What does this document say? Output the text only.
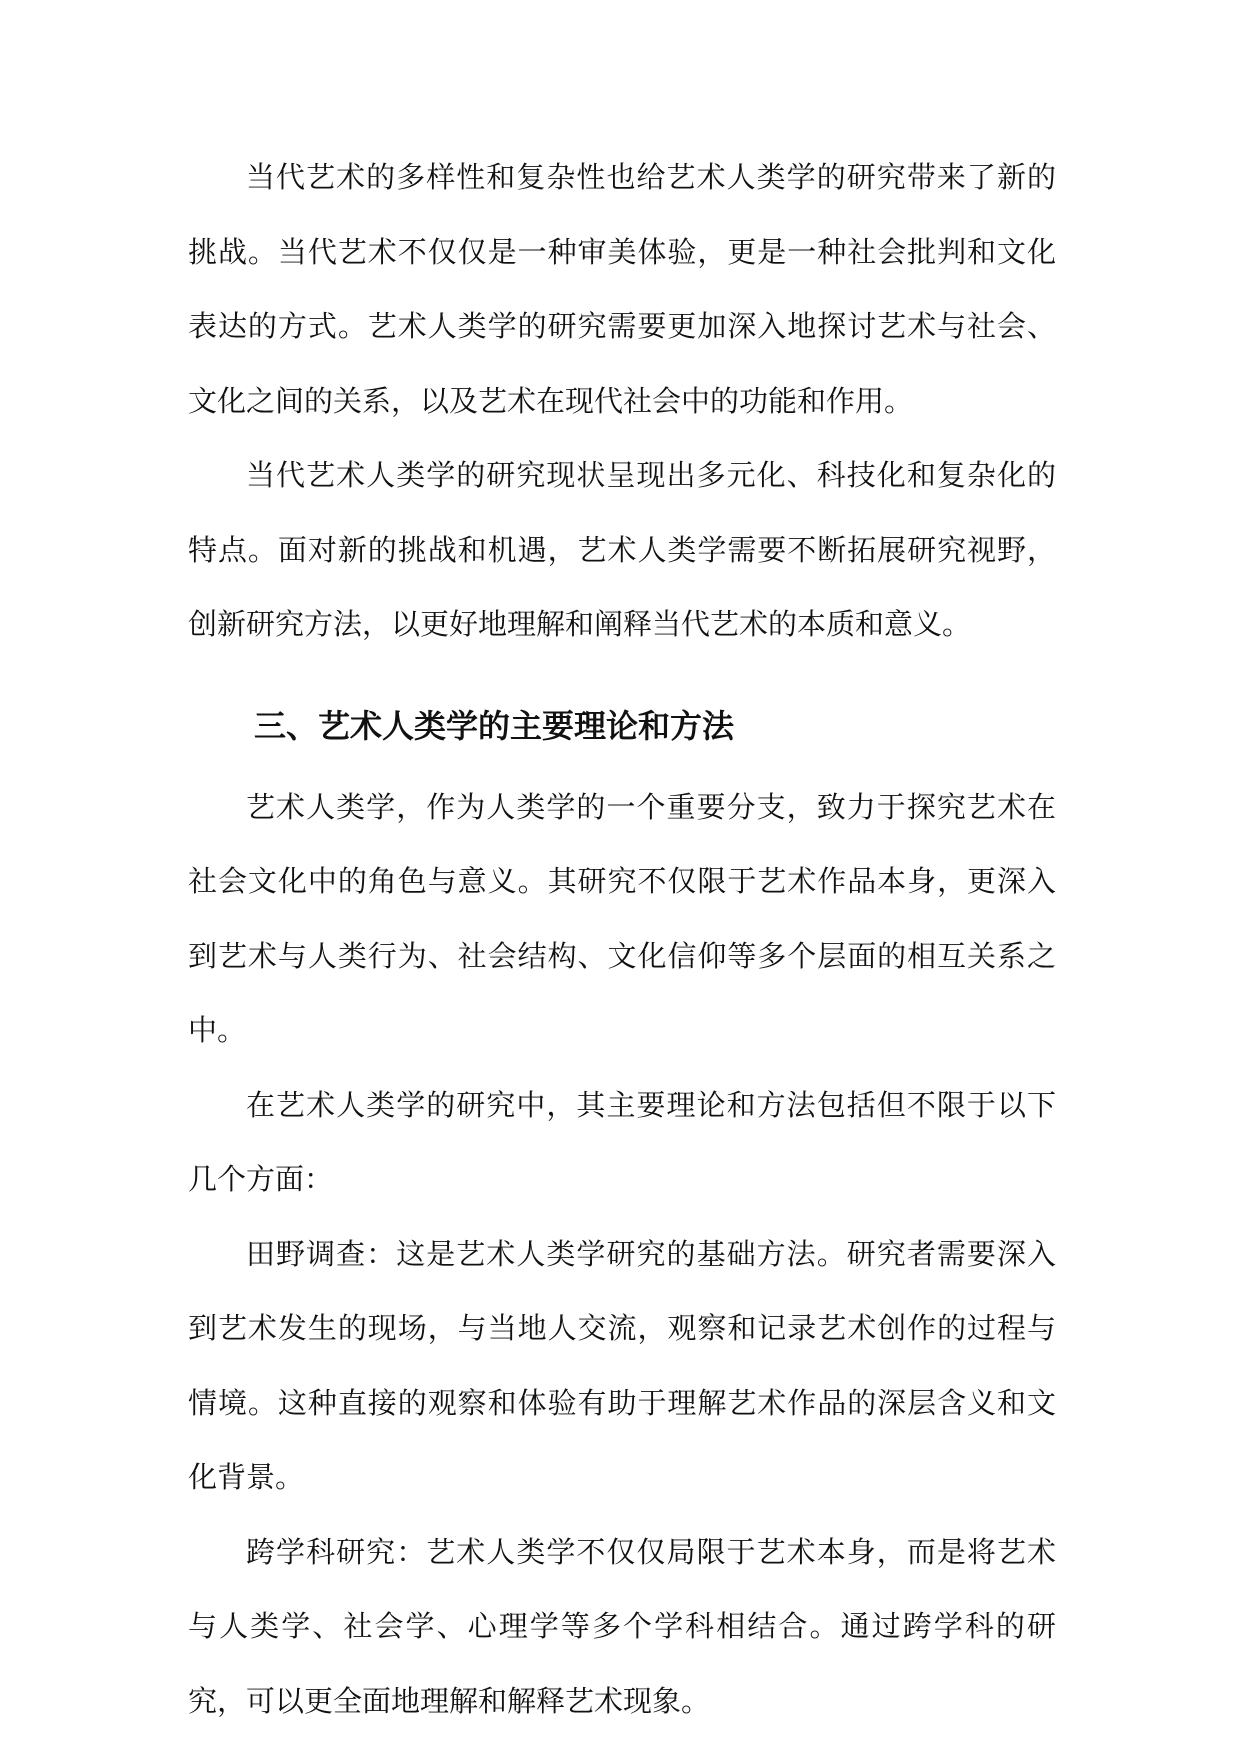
当代艺术的多样性和复杂性也给艺术人类学的研究带来了新的挑战。当代艺术不仅仅是一种审美体验，更是一种社会批判和文化表达的方式。艺术人类学的研究需要更加深入地探讨艺术与社会、文化之间的关系，以及艺术在现代社会中的功能和作用。

当代艺术人类学的研究现状呈现出多元化、科技化和复杂化的特点。面对新的挑战和机遇，艺术人类学需要不断拓展研究视野，创新研究方法，以更好地理解和阐释当代艺术的本质和意义。

三、艺术人类学的主要理论和方法

艺术人类学，作为人类学的一个重要分支，致力于探究艺术在社会文化中的角色与意义。其研究不仅限于艺术作品本身，更深入到艺术与人类行为、社会结构、文化信仰等多个层面的相互关系之中。

在艺术人类学的研究中，其主要理论和方法包括但不限于以下几个方面：

田野调查：这是艺术人类学研究的基础方法。研究者需要深入到艺术发生的现场，与当地人交流，观察和记录艺术创作的过程与情境。这种直接的观察和体验有助于理解艺术作品的深层含义和文化背景。

跨学科研究：艺术人类学不仅仅局限于艺术本身，而是将艺术与人类学、社会学、心理学等多个学科相结合。通过跨学科的研究，可以更全面地理解和解释艺术现象。
